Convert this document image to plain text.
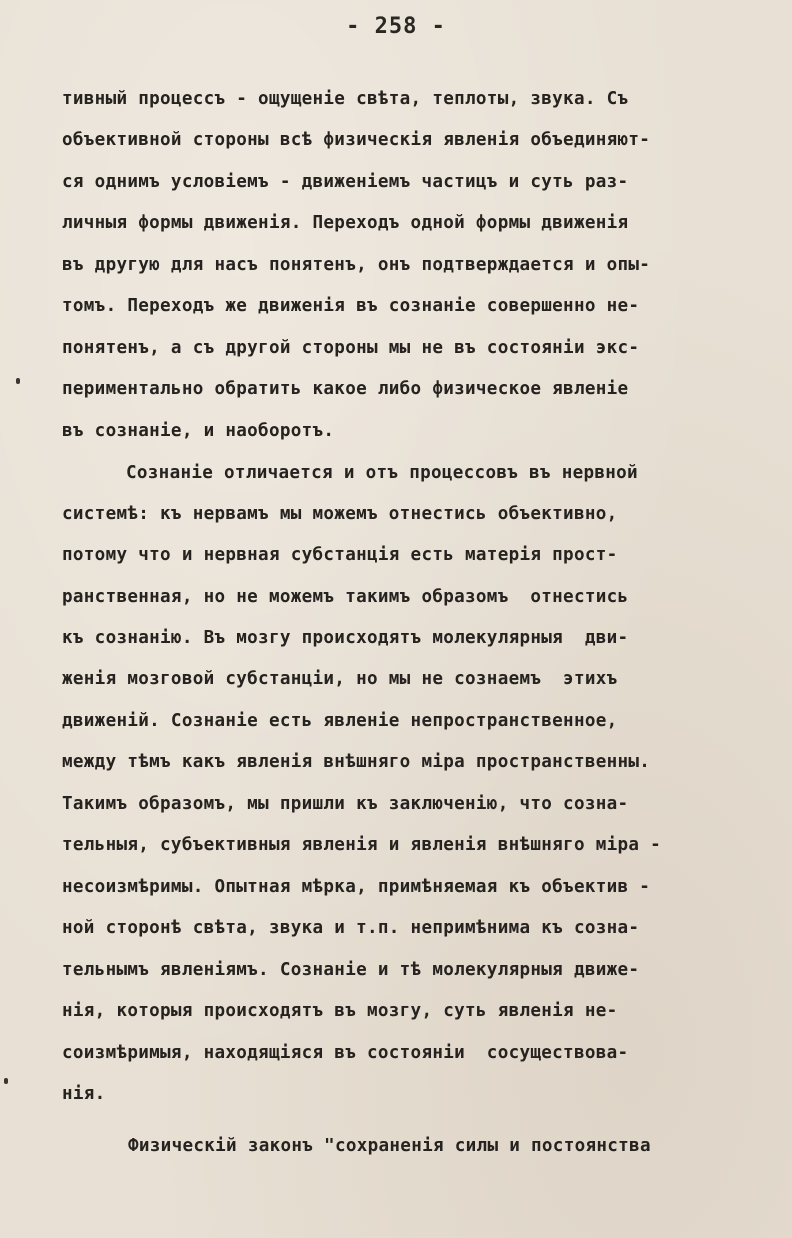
- 258 -
тивный процессъ - ощущеніе свѣта, теплоты, звука. Съ
объективной стороны всѣ физическія явленія объединяют-
ся однимъ условіемъ - движеніемъ частицъ и суть раз-
личныя формы движенія. Переходъ одной формы движенія
въ другую для насъ понятенъ, онъ подтверждается и опы-
томъ. Переходъ же движенія въ сознаніе совершенно не-
понятенъ, а съ другой стороны мы не въ состояніи экс-
периментально обратить какое либо физическое явленіе
въ сознаніе, и наоборотъ.
Сознаніе отличается и отъ процессовъ въ нервной
системѣ: къ нервамъ мы можемъ отнестись объективно,
потому что и нервная субстанція есть матерія прост-
ранственная, но не можемъ такимъ образомъ  отнестись
къ сознанію. Въ мозгу происходятъ молекулярныя  дви-
женія мозговой субстанціи, но мы не сознаемъ  этихъ
движеній. Сознаніе есть явленіе непространственное,
между тѣмъ какъ явленія внѣшняго міра пространственны.
Такимъ образомъ, мы пришли къ заключенію, что созна-
тельныя, субъективныя явленія и явленія внѣшняго міра -
несоизмѣримы. Опытная мѣрка, примѣняемая къ объектив -
ной сторонѣ свѣта, звука и т.п. непримѣнима къ созна-
тельнымъ явленіямъ. Сознаніе и тѣ молекулярныя движе-
нія, которыя происходятъ въ мозгу, суть явленія не-
соизмѣримыя, находящіяся въ состояніи  сосуществова-
нія.
Физическій законъ "сохраненія силы и постоянства
